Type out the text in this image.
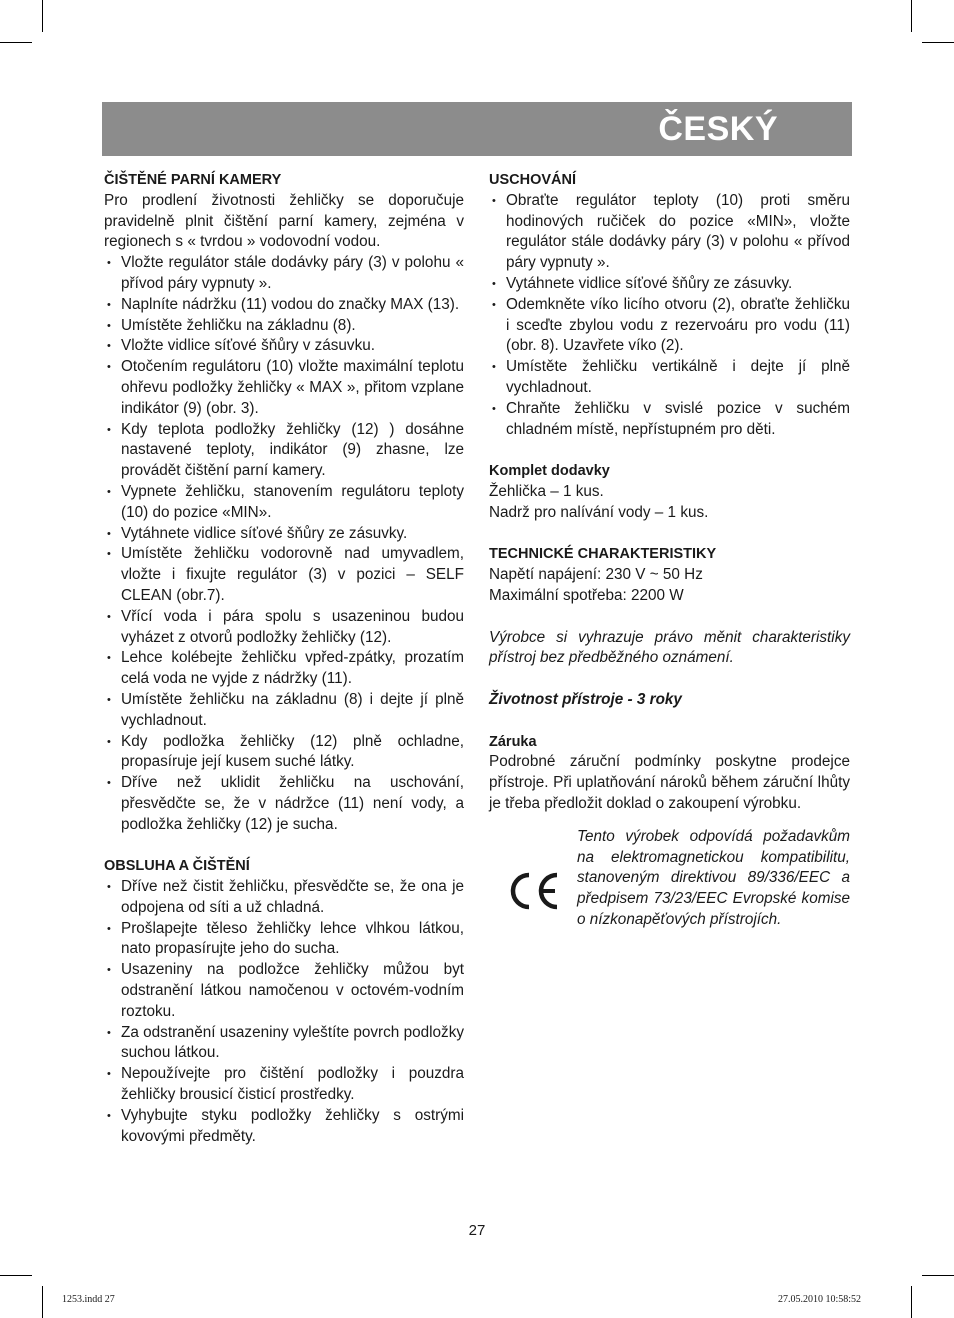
ČESKÝ

ČIŠTĚNÉ PARNÍ KAMERY

Pro prodlení životnosti žehličky se doporučuje pravidelně plnit čištění parní kamery, zejména v regionech s « tvrdou » vodovodní vodou.

• Vložte regulátor stále dodávky páry (3) v polohu « přívod páry vypnuty ».
• Naplníte nádržku (11) vodou do značky MAX (13).
• Umístěte žehličku na základnu (8).
• Vložte vidlice síťové šňůry v zásuvku.
• Otočením regulátoru (10) vložte maximální teplotu ohřevu podložky žehličky « MAX », přitom vzplane indikátor (9) (obr. 3).
• Kdy teplota podložky žehličky (12) ) dosáhne nastavené teploty, indikátor (9) zhasne, lze provádět čištění parní kamery.
• Vypnete žehličku, stanovením regulátoru teploty (10) do pozice «MIN».
• Vytáhnete vidlice síťové šňůry ze zásuvky.
• Umístěte žehličku vodorovně nad umyvadlem, vložte i fixujte regulátor (3) v pozici – SELF CLEAN (obr.7).
• Vřící voda i pára spolu s usazeninou budou vyházet z otvorů podložky žehličky (12).
• Lehce kolébejte žehličku vpřed-zpátky, prozatím celá voda ne vyjde z nádržky (11).
• Umístěte žehličku na základnu (8) i dejte jí plně vychladnout.
• Kdy podložka žehličky (12) plně ochladne, propasíruje její kusem suché látky.
• Dříve než uklidit žehličku na uschování, přesvědčte se, že v nádržce (11) není vody, a podložka žehličky (12) je sucha.

OBSLUHA A ČIŠTĚNÍ

• Dříve než čistit žehličku, přesvědčte se, že ona je odpojena od síti a už chladná.
• Prošlapejte těleso žehličky lehce vlhkou látkou, nato propasírujte jeho do sucha.
• Usazeniny na podložce žehličky můžou byt odstranění látkou namočenou v octovém-vodním roztoku.
• Za odstranění usazeniny vyleštíte povrch podložky suchou látkou.
• Nepoužívejte pro čištění podložky i pouzdra žehličky brousicí čisticí prostředky.
• Vyhybujte styku podložky žehličky s ostrými kovovými předměty.

USCHOVÁNÍ

• Obraťte regulátor teploty (10) proti směru hodinových ručiček do pozice «MIN», vložte regulátor stále dodávky páry (3) v polohu « přívod páry vypnuty ».
• Vytáhnete vidlice síťové šňůry ze zásuvky.
• Odemkněte víko licího otvoru (2), obraťte žehličku i sceďte zbylou vodu z rezervoáru pro vodu (11) (obr. 8). Uzavřete víko (2).
• Umístěte žehličku vertikálně i dejte jí plně vychladnout.
• Chraňte žehličku v svislé pozice v suchém chladném místě, nepřístupném pro děti.

Komplet dodavky

Žehlička – 1 kus.

Nadrž pro nalívání vody – 1 kus.

TECHNICKÉ CHARAKTERISTIKY

Napětí napájení: 230 V ~ 50 Hz

Maximální spotřeba: 2200 W

Výrobce si vyhrazuje právo měnit charakteristiky přístroj bez předběžného oznámení.

Životnost přístroje - 3 roky

Záruka

Podrobné záruční podmínky poskytne prodejce přístroje. Při uplatňování nároků během záruční lhůty je třeba předložit doklad o zakoupení výrobku.

Tento výrobek odpovídá požadavkům na elektromagnetickou kompatibilitu, stanoveným direktivou 89/336/EEC a předpisem 73/23/EEC Evropské komise o nízkonapěťových přístrojích.
27
1253.indd 27	27.05.2010 10:58:52
